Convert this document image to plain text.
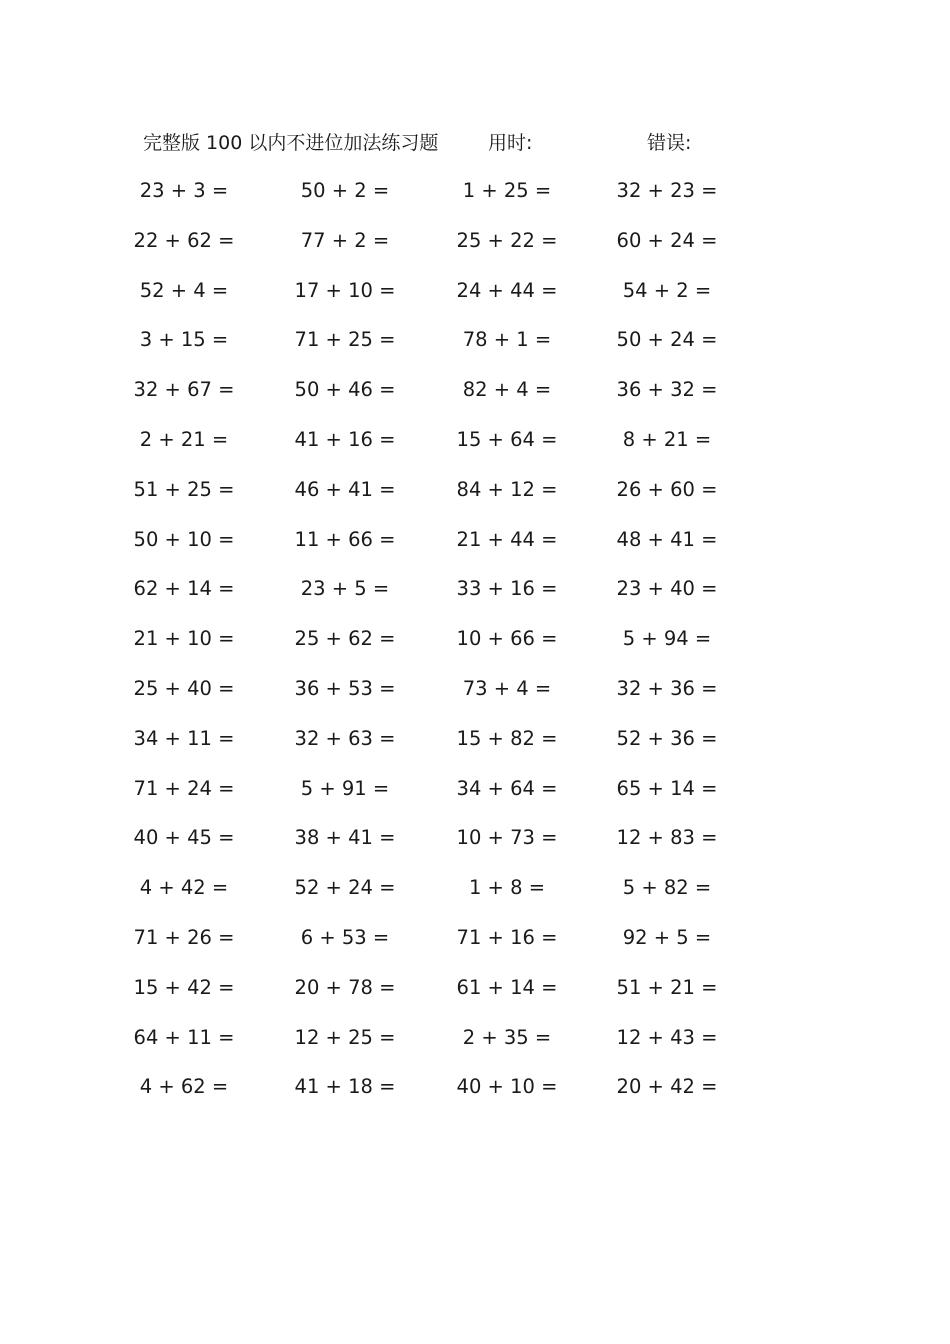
完整版 100 以内不进位加法练习题	用时:	错误:
23 + 3 =	50 + 2 =	1 + 25 =	32 + 23 =
22 + 62 =	77 + 2 =	25 + 22 =	60 + 24 =
52 + 4 =	17 + 10 =	24 + 44 =	54 + 2 =
3 + 15 =	71 + 25 =	78 + 1 =	50 + 24 =
32 + 67 =	50 + 46 =	82 + 4 =	36 + 32 =
2 + 21 =	41 + 16 =	15 + 64 =	8 + 21 =
51 + 25 =	46 + 41 =	84 + 12 =	26 + 60 =
50 + 10 =	11 + 66 =	21 + 44 =	48 + 41 =
62 + 14 =	23 + 5 =	33 + 16 =	23 + 40 =
21 + 10 =	25 + 62 =	10 + 66 =	5 + 94 =
25 + 40 =	36 + 53 =	73 + 4 =	32 + 36 =
34 + 11 =	32 + 63 =	15 + 82 =	52 + 36 =
71 + 24 =	5 + 91 =	34 + 64 =	65 + 14 =
40 + 45 =	38 + 41 =	10 + 73 =	12 + 83 =
4 + 42 =	52 + 24 =	1 + 8 =	5 + 82 =
71 + 26 =	6 + 53 =	71 + 16 =	92 + 5 =
15 + 42 =	20 + 78 =	61 + 14 =	51 + 21 =
64 + 11 =	12 + 25 =	2 + 35 =	12 + 43 =
4 + 62 =	41 + 18 =	40 + 10 =	20 + 42 =
